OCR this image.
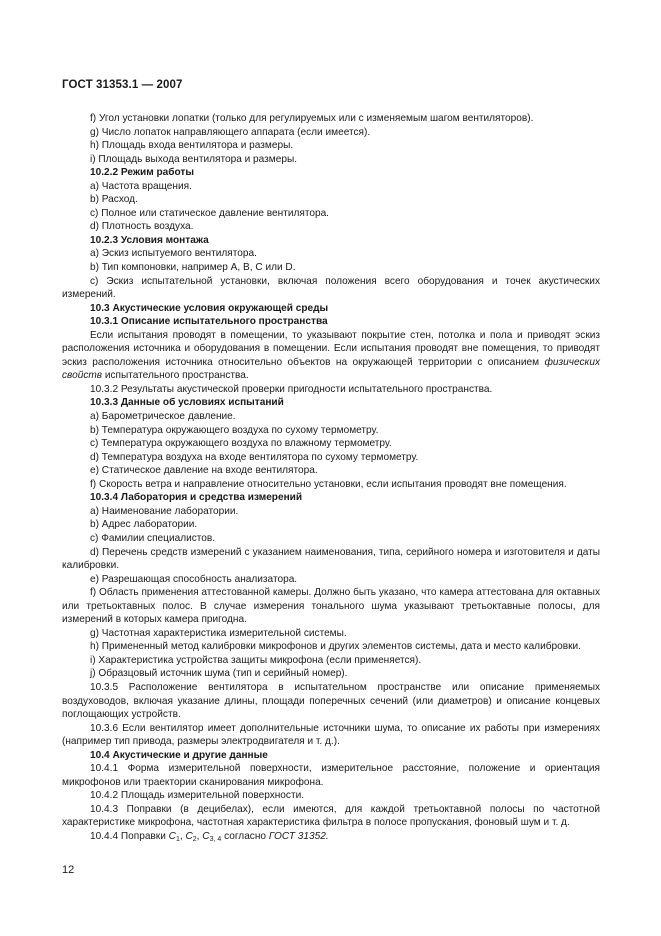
ГОСТ 31353.1 — 2007

f) Угол установки лопатки (только для регулируемых или с изменяемым шагом вентиляторов).

g) Число лопаток направляющего аппарата (если имеется).

h) Площадь входа вентилятора и размеры.

i) Площадь выхода вентилятора и размеры.

10.2.2 Режим работы

a) Частота вращения.

b) Расход.

c) Полное или статическое давление вентилятора.

d) Плотность воздуха.

10.2.3 Условия монтажа

a) Эскиз испытуемого вентилятора.

b) Тип компоновки, например A, B, C или D.

c) Эскиз испытательной установки, включая положения всего оборудования и точек акустических измерений.

10.3 Акустические условия окружающей среды

10.3.1 Описание испытательного пространства

Если испытания проводят в помещении, то указывают покрытие стен, потолка и пола и приводят эскиз расположения источника и оборудования в помещении. Если испытания проводят вне помещения, то приводят эскиз расположения источника относительно объектов на окружающей территории с описанием физических свойств испытательного пространства.

10.3.2 Результаты акустической проверки пригодности испытательного пространства.

10.3.3 Данные об условиях испытаний

a) Барометрическое давление.

b) Температура окружающего воздуха по сухому термометру.

c) Температура окружающего воздуха по влажному термометру.

d) Температура воздуха на входе вентилятора по сухому термометру.

e) Статическое давление на входе вентилятора.

f) Скорость ветра и направление относительно установки, если испытания проводят вне помещения.

10.3.4 Лаборатория и средства измерений

a) Наименование лаборатории.

b) Адрес лаборатории.

c) Фамилии специалистов.

d) Перечень средств измерений с указанием наименования, типа, серийного номера и изготовителя и даты калибровки.

e) Разрешающая способность анализатора.

f) Область применения аттестованной камеры. Должно быть указано, что камера аттестована для октавных или третьоктавных полос. В случае измерения тонального шума указывают третьоктавные полосы, для измерений в которых камера пригодна.

g) Частотная характеристика измерительной системы.

h) Примененный метод калибровки микрофонов и других элементов системы, дата и место калибровки.

i) Характеристика устройства защиты микрофона (если применяется).

j) Образцовый источник шума (тип и серийный номер).

10.3.5 Расположение вентилятора в испытательном пространстве или описание применяемых воздуховодов, включая указание длины, площади поперечных сечений (или диаметров) и описание концевых поглощающих устройств.

10.3.6 Если вентилятор имеет дополнительные источники шума, то описание их работы при измерениях (например тип привода, размеры электродвигателя и т. д.).

10.4 Акустические и другие данные

10.4.1 Форма измерительной поверхности, измерительное расстояние, положение и ориентация микрофонов или траектории сканирования микрофона.

10.4.2 Площадь измерительной поверхности.

10.4.3 Поправки (в децибелах), если имеются, для каждой третьоктавной полосы по частотной характеристике микрофона, частотная характеристика фильтра в полосе пропускания, фоновый шум и т. д.

10.4.4 Поправки $C_1$, $C_2$, $C_{3, 4}$ согласно ГОСТ 31352.

12
